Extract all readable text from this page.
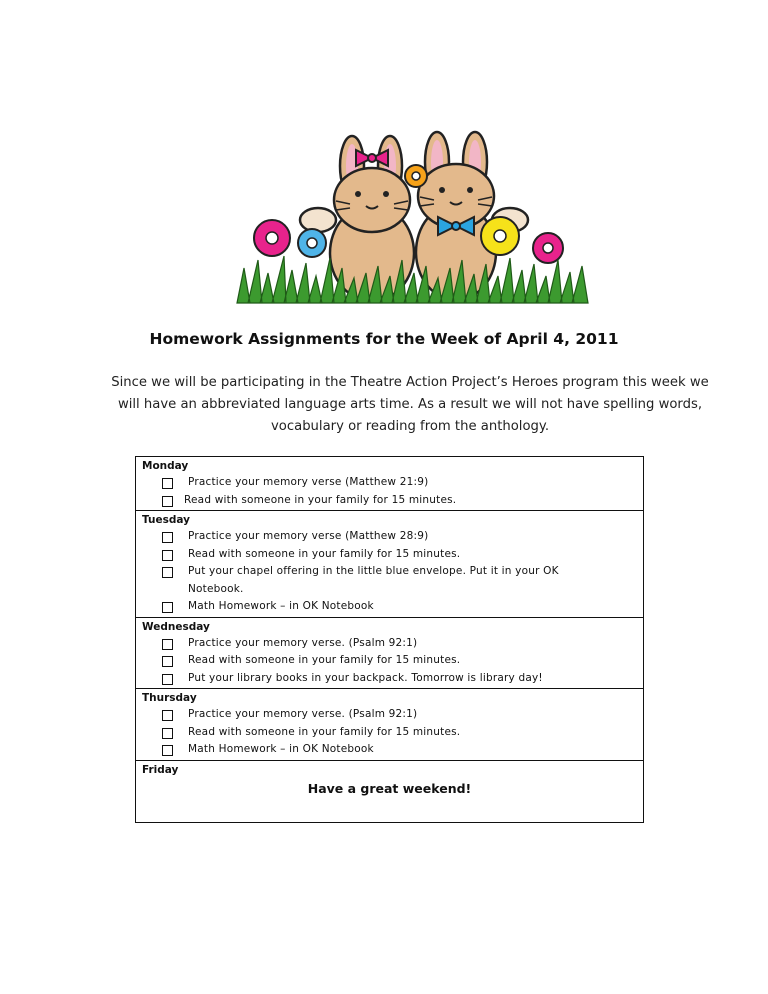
Homework Assignments for the Week of April 4, 2011
Since we will be participating in the Theatre Action Project’s Heroes program this week we will have an abbreviated language arts time. As a result we will not have spelling words, vocabulary or reading from the anthology.
Monday
Practice your memory verse (Matthew 21:9)
Read with someone in your family for 15 minutes.
Tuesday
Practice your memory verse (Matthew 28:9)
Read with someone in your family for 15 minutes.
Put your chapel offering in the little blue envelope. Put it in your OK Notebook.
Math Homework – in OK Notebook
Wednesday
Practice your memory verse. (Psalm 92:1)
Read with someone in your family for 15 minutes.
Put your library books in your backpack. Tomorrow is library day!
Thursday
Practice your memory verse. (Psalm 92:1)
Read with someone in your family for 15 minutes.
Math Homework – in OK Notebook
Friday
Have a great weekend!
